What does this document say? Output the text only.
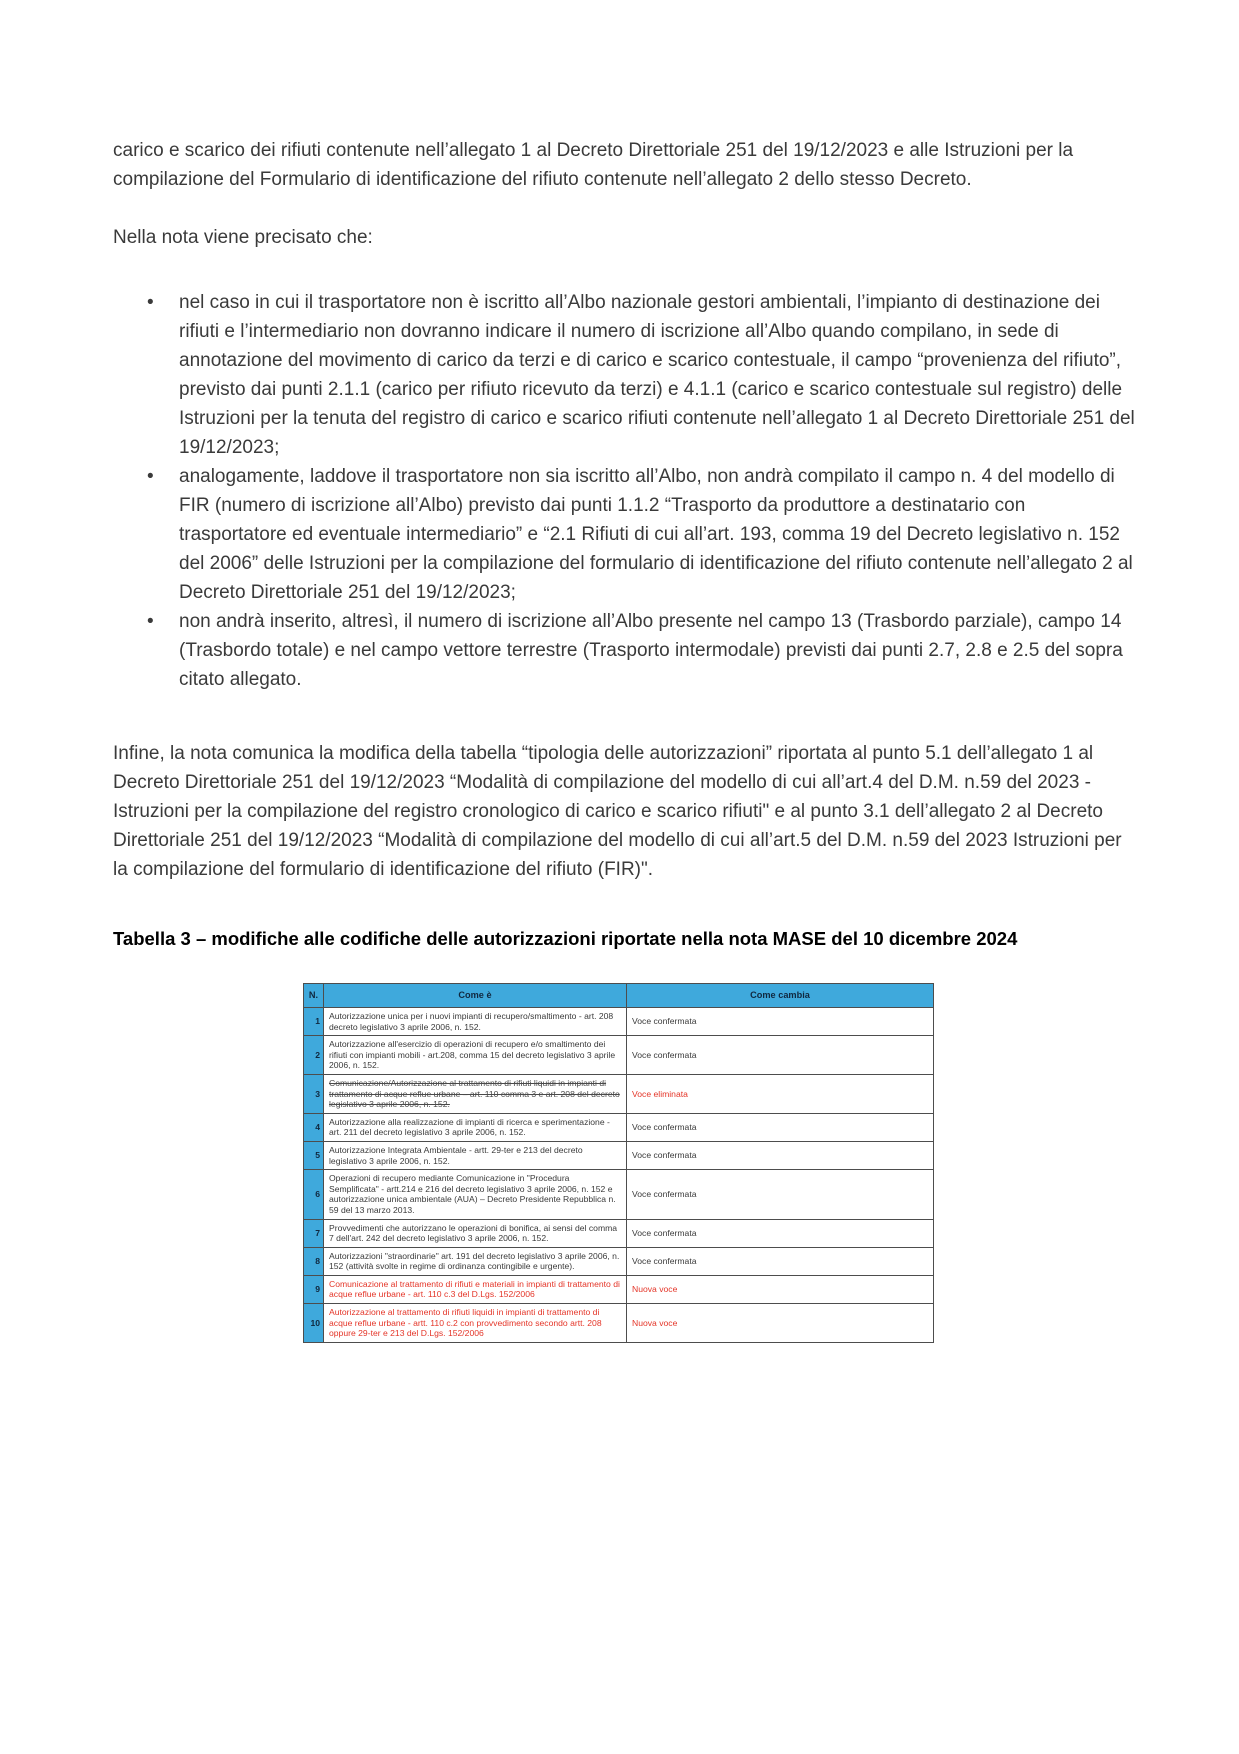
carico e scarico dei rifiuti contenute nell’allegato 1 al Decreto Direttoriale 251 del 19/12/2023 e alle Istruzioni per la compilazione del Formulario di identificazione del rifiuto contenute nell’allegato 2 dello stesso Decreto.

Nella nota viene precisato che:

• nel caso in cui il trasportatore non è iscritto all’Albo nazionale gestori ambientali, l’impianto di destinazione dei rifiuti e l’intermediario non dovranno indicare il numero di iscrizione all’Albo quando compilano, in sede di annotazione del movimento di carico da terzi e di carico e scarico contestuale, il campo “provenienza del rifiuto”, previsto dai punti 2.1.1 (carico per rifiuto ricevuto da terzi) e 4.1.1 (carico e scarico contestuale sul registro) delle Istruzioni per la tenuta del registro di carico e scarico rifiuti contenute nell’allegato 1 al Decreto Direttoriale 251 del 19/12/2023;
• analogamente, laddove il trasportatore non sia iscritto all’Albo, non andrà compilato il campo n. 4 del modello di FIR (numero di iscrizione all’Albo) previsto dai punti 1.1.2 “Trasporto da produttore a destinatario con trasportatore ed eventuale intermediario” e “2.1 Rifiuti di cui all’art. 193, comma 19 del Decreto legislativo n. 152 del 2006” delle Istruzioni per la compilazione del formulario di identificazione del rifiuto contenute nell’allegato 2 al Decreto Direttoriale 251 del 19/12/2023;
• non andrà inserito, altresì, il numero di iscrizione all’Albo presente nel campo 13 (Trasbordo parziale), campo 14 (Trasbordo totale) e nel campo vettore terrestre (Trasporto intermodale) previsti dai punti 2.7, 2.8 e 2.5 del sopra citato allegato.

Infine, la nota comunica la modifica della tabella “tipologia delle autorizzazioni” riportata al punto 5.1 dell’allegato 1 al Decreto Direttoriale 251 del 19/12/2023 “Modalità di compilazione del modello di cui all’art.4 del D.M. n.59 del 2023 - Istruzioni per la compilazione del registro cronologico di carico e scarico rifiuti" e al punto 3.1 dell’allegato 2 al Decreto Direttoriale 251 del 19/12/2023 “Modalità di compilazione del modello di cui all’art.5 del D.M. n.59 del 2023 Istruzioni per la compilazione del formulario di identificazione del rifiuto (FIR)".

Tabella 3 – modifiche alle codifiche delle autorizzazioni riportate nella nota MASE del 10 dicembre 2024

N.	Come è	Come cambia
1	Autorizzazione unica per i nuovi impianti di recupero/smaltimento - art. 208 decreto legislativo 3 aprile 2006, n. 152.	Voce confermata
2	Autorizzazione all'esercizio di operazioni di recupero e/o smaltimento dei rifiuti con impianti mobili - art.208, comma 15 del decreto legislativo 3 aprile 2006, n. 152.	Voce confermata
3	Comunicazione/Autorizzazione al trattamento di rifiuti liquidi in impianti di trattamento di acque reflue urbane – art. 110 comma 3 e art. 208 del decreto legislativo 3 aprile 2006, n. 152.	Voce eliminata
4	Autorizzazione alla realizzazione di impianti di ricerca e sperimentazione - art. 211 del decreto legislativo 3 aprile 2006, n. 152.	Voce confermata
5	Autorizzazione Integrata Ambientale - artt. 29-ter e 213 del decreto legislativo 3 aprile 2006, n. 152.	Voce confermata
6	Operazioni di recupero mediante Comunicazione in "Procedura Semplificata" - artt.214 e 216 del decreto legislativo 3 aprile 2006, n. 152 e autorizzazione unica ambientale (AUA) – Decreto Presidente Repubblica n. 59 del 13 marzo 2013.	Voce confermata
7	Provvedimenti che autorizzano le operazioni di bonifica, ai sensi del comma 7 dell'art. 242 del decreto legislativo 3 aprile 2006, n. 152.	Voce confermata
8	Autorizzazioni "straordinarie" art. 191 del decreto legislativo 3 aprile 2006, n. 152 (attività svolte in regime di ordinanza contingibile e urgente).	Voce confermata
9	Comunicazione al trattamento di rifiuti e materiali in impianti di trattamento di acque reflue urbane - art. 110 c.3 del D.Lgs. 152/2006	Nuova voce
10	Autorizzazione al trattamento di rifiuti liquidi in impianti di trattamento di acque reflue urbane - artt. 110 c.2 con provvedimento secondo artt. 208 oppure 29-ter e 213 del D.Lgs. 152/2006	Nuova voce
